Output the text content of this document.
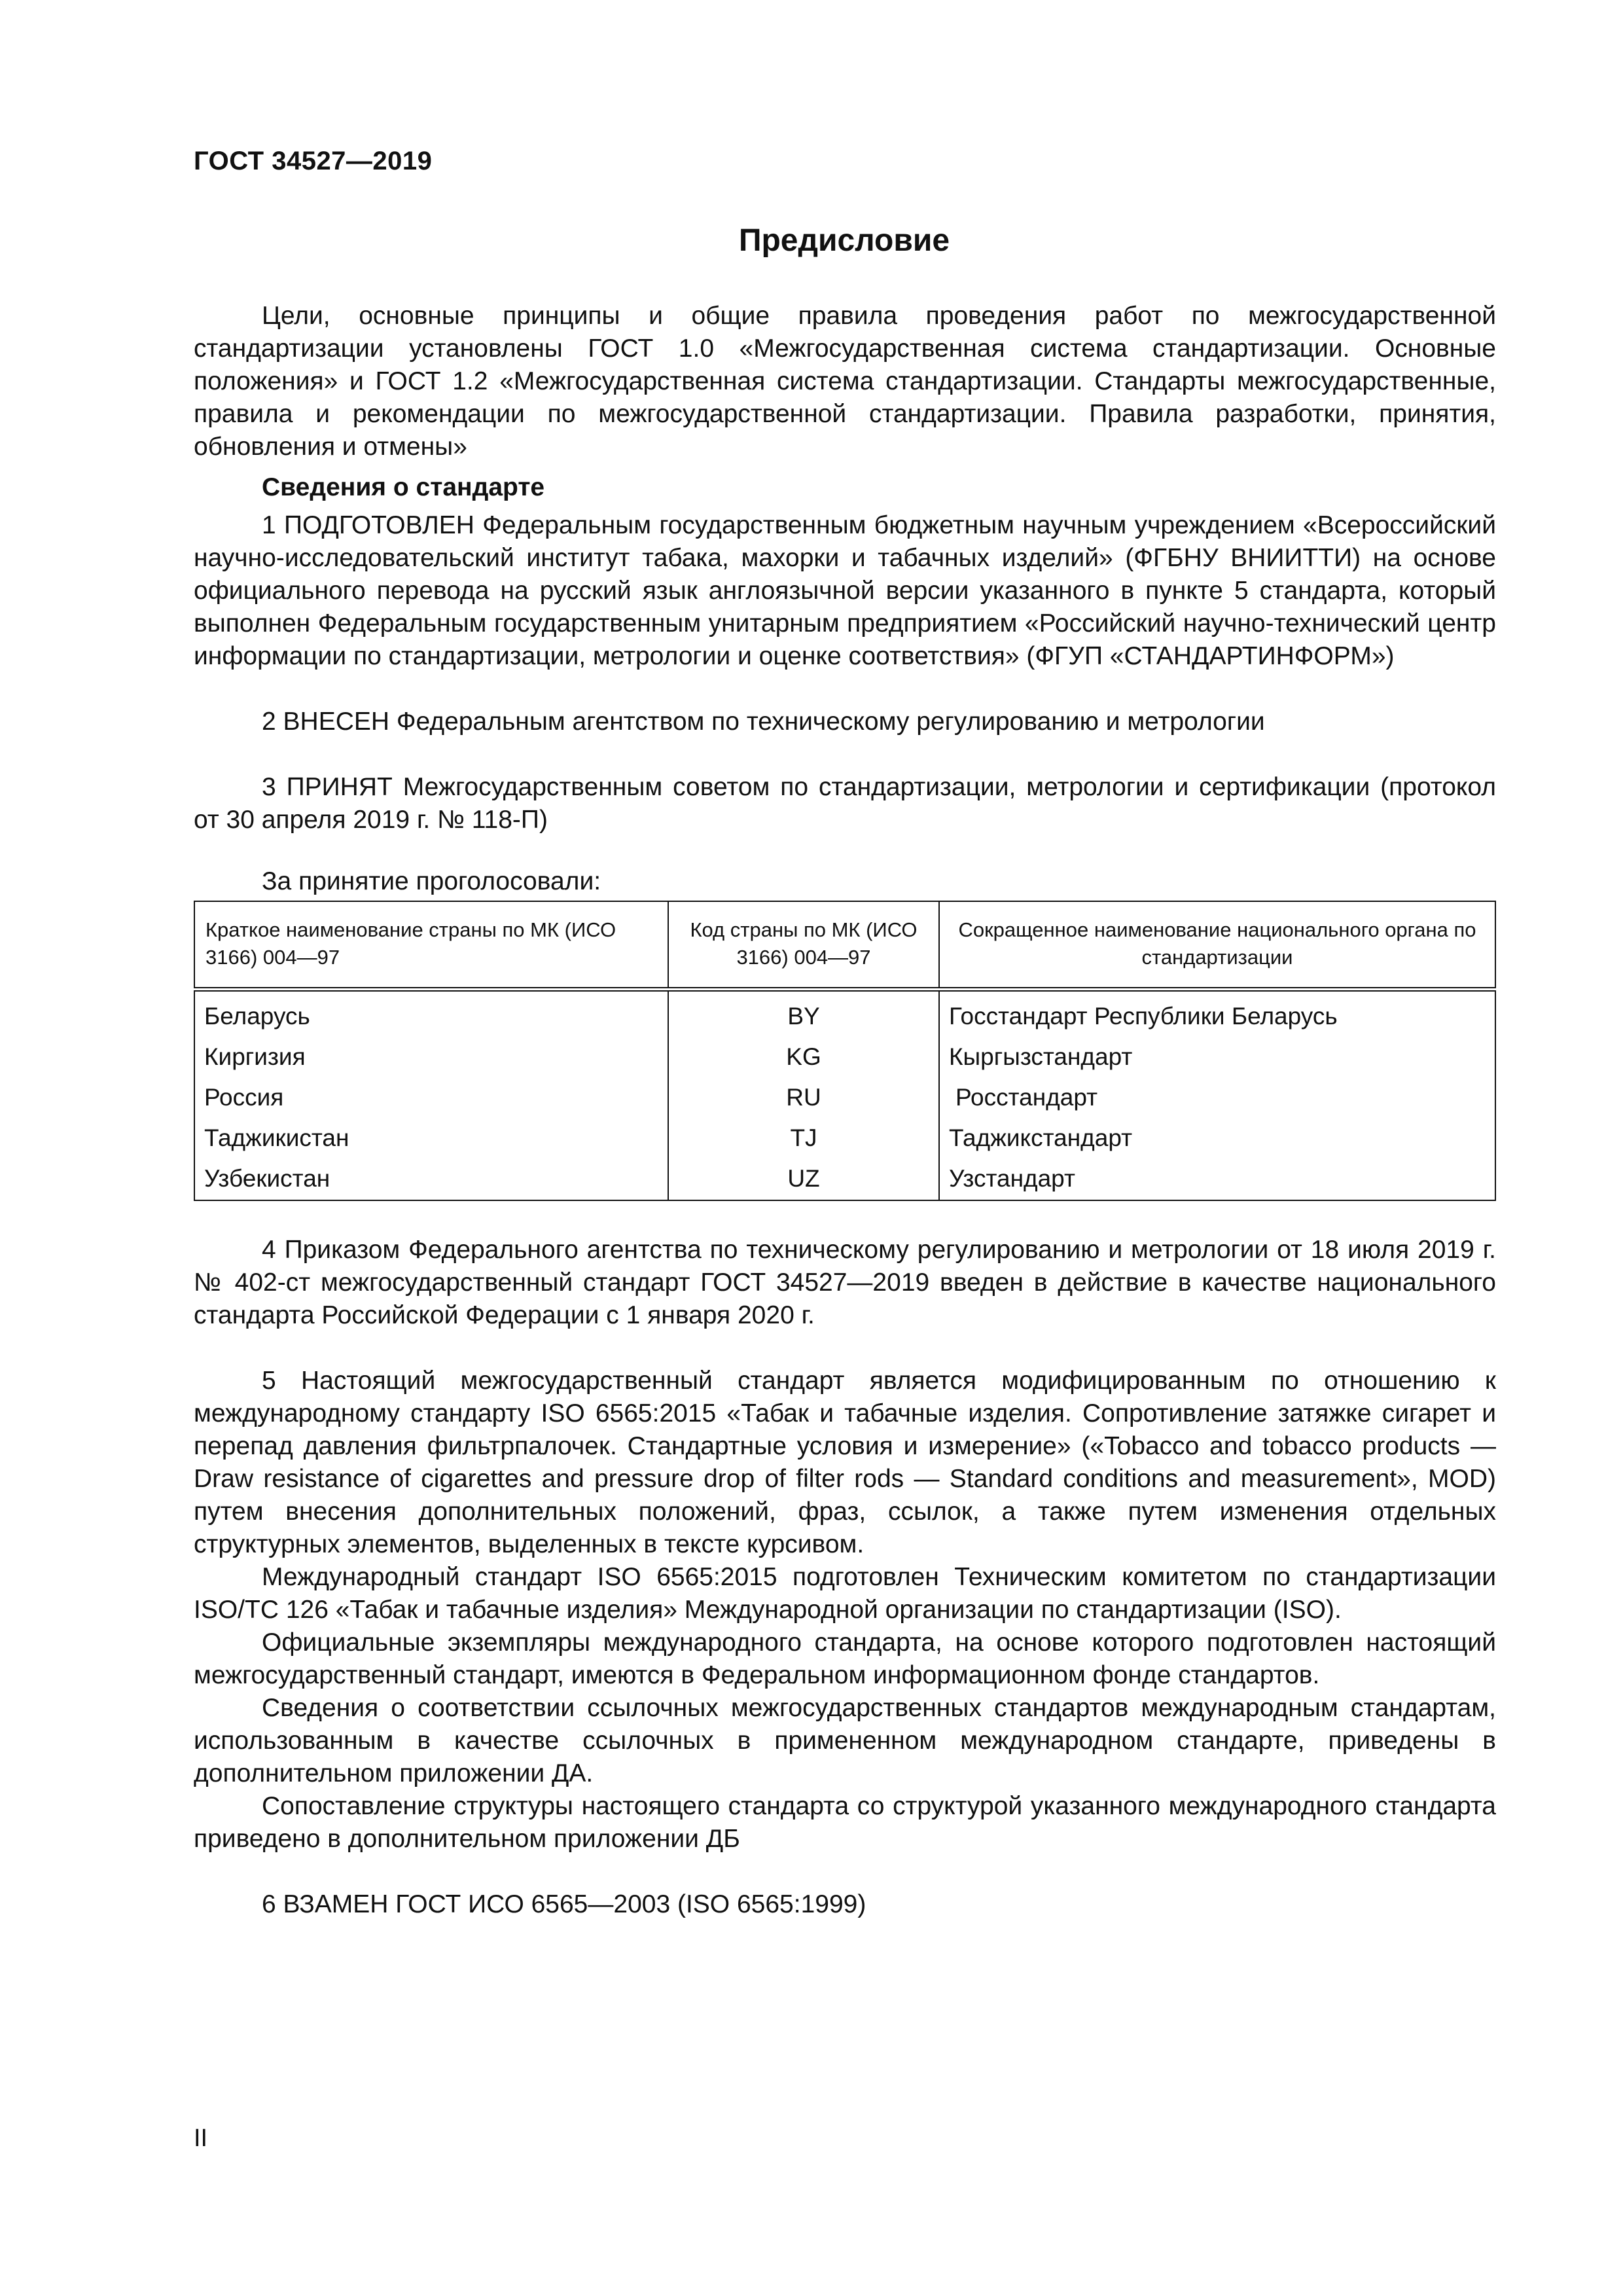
ГОСТ 34527—2019
Предисловие

Цели, основные принципы и общие правила проведения работ по межгосударственной стандартизации установлены ГОСТ 1.0 «Межгосударственная система стандартизации. Основные положения» и ГОСТ 1.2 «Межгосударственная система стандартизации. Стандарты межгосударственные, правила и рекомендации по межгосударственной стандартизации. Правила разработки, принятия, обновления и отмены»

Сведения о стандарте

1 ПОДГОТОВЛЕН Федеральным государственным бюджетным научным учреждением «Всероссийский научно-исследовательский институт табака, махорки и табачных изделий» (ФГБНУ ВНИИТТИ) на основе официального перевода на русский язык англоязычной версии указанного в пункте 5 стандарта, который выполнен Федеральным государственным унитарным предприятием «Российский научно-технический центр информации по стандартизации, метрологии и оценке соответствия» (ФГУП «СТАНДАРТИНФОРМ»)

2 ВНЕСЕН Федеральным агентством по техническому регулированию и метрологии

3 ПРИНЯТ Межгосударственным советом по стандартизации, метрологии и сертификации (протокол от 30 апреля 2019 г. № 118-П)

За принятие проголосовали:

Краткое наименование страны по МК (ИСО 3166) 004—97	Код страны по МК (ИСО 3166) 004—97	Сокращенное наименование национального органа по стандартизации
Беларусь	BY	Госстандарт Республики Беларусь
Киргизия	KG	Кыргызстандарт
Россия	RU	Росстандарт
Таджикистан	TJ	Таджикстандарт
Узбекистан	UZ	Узстандарт

4 Приказом Федерального агентства по техническому регулированию и метрологии от 18 июля 2019 г. № 402-ст межгосударственный стандарт ГОСТ 34527—2019 введен в действие в качестве национального стандарта Российской Федерации с 1 января 2020 г.

5 Настоящий межгосударственный стандарт является модифицированным по отношению к международному стандарту ISO 6565:2015 «Табак и табачные изделия. Сопротивление затяжке сигарет и перепад давления фильтрпалочек. Стандартные условия и измерение» («Tobacco and tobacco products — Draw resistance of cigarettes and pressure drop of filter rods — Standard conditions and measurement», MOD) путем внесения дополнительных положений, фраз, ссылок, а также путем изменения отдельных структурных элементов, выделенных в тексте курсивом.

Международный стандарт ISO 6565:2015 подготовлен Техническим комитетом по стандартизации ISO/TC 126 «Табак и табачные изделия» Международной организации по стандартизации (ISO).

Официальные экземпляры международного стандарта, на основе которого подготовлен настоящий межгосударственный стандарт, имеются в Федеральном информационном фонде стандартов.

Сведения о соответствии ссылочных межгосударственных стандартов международным стандартам, использованным в качестве ссылочных в примененном международном стандарте, приведены в дополнительном приложении ДА.

Сопоставление структуры настоящего стандарта со структурой указанного международного стандарта приведено в дополнительном приложении ДБ

6 ВЗАМЕН ГОСТ ИСО 6565—2003 (ISO 6565:1999)

II
